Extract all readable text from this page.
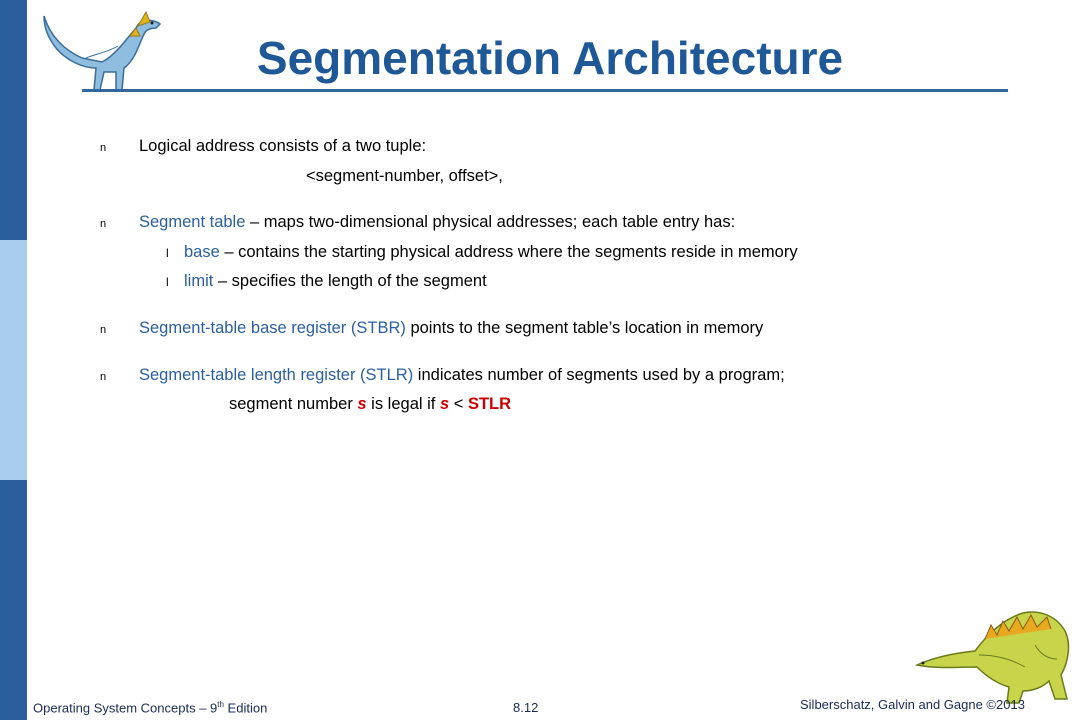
Segmentation Architecture
n Logical address consists of a two tuple:
<segment-number, offset>,
n Segment table – maps two-dimensional physical addresses; each table entry has:
l base – contains the starting physical address where the segments reside in memory
l limit – specifies the length of the segment
n Segment-table base register (STBR) points to the segment table’s location in memory
n Segment-table length register (STLR) indicates number of segments used by a program;
segment number s is legal if s < STLR
Operating System Concepts – 9th Edition	8.12	Silberschatz, Galvin and Gagne ©2013
